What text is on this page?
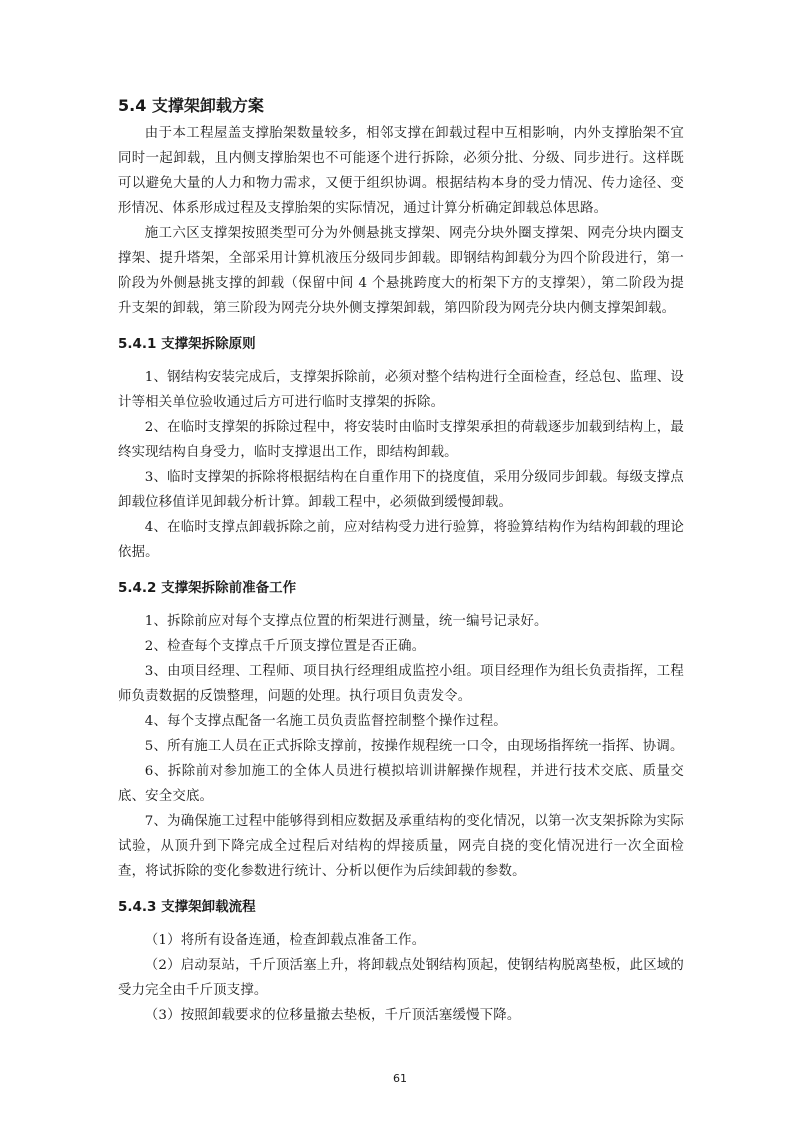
5.4 支撑架卸载方案

由于本工程屋盖支撑胎架数量较多，相邻支撑在卸载过程中互相影响，内外支撑胎架不宜同时一起卸载，且内侧支撑胎架也不可能逐个进行拆除，必须分批、分级、同步进行。这样既可以避免大量的人力和物力需求，又便于组织协调。根据结构本身的受力情况、传力途径、变形情况、体系形成过程及支撑胎架的实际情况，通过计算分析确定卸载总体思路。

施工六区支撑架按照类型可分为外侧悬挑支撑架、网壳分块外圈支撑架、网壳分块内圈支撑架、提升塔架，全部采用计算机液压分级同步卸载。即钢结构卸载分为四个阶段进行，第一阶段为外侧悬挑支撑的卸载（保留中间 4 个悬挑跨度大的桁架下方的支撑架），第二阶段为提升支架的卸载，第三阶段为网壳分块外侧支撑架卸载，第四阶段为网壳分块内侧支撑架卸载。

5.4.1 支撑架拆除原则

1、钢结构安装完成后，支撑架拆除前，必须对整个结构进行全面检查，经总包、监理、设计等相关单位验收通过后方可进行临时支撑架的拆除。

2、在临时支撑架的拆除过程中，将安装时由临时支撑架承担的荷载逐步加载到结构上，最终实现结构自身受力，临时支撑退出工作，即结构卸载。

3、临时支撑架的拆除将根据结构在自重作用下的挠度值，采用分级同步卸载。每级支撑点卸载位移值详见卸载分析计算。卸载工程中，必须做到缓慢卸载。

4、在临时支撑点卸载拆除之前，应对结构受力进行验算，将验算结构作为结构卸载的理论依据。

5.4.2 支撑架拆除前准备工作

1、拆除前应对每个支撑点位置的桁架进行测量，统一编号记录好。

2、检查每个支撑点千斤顶支撑位置是否正确。

3、由项目经理、工程师、项目执行经理组成监控小组。项目经理作为组长负责指挥，工程师负责数据的反馈整理，问题的处理。执行项目负责发令。

4、每个支撑点配备一名施工员负责监督控制整个操作过程。

5、所有施工人员在正式拆除支撑前，按操作规程统一口令，由现场指挥统一指挥、协调。

6、拆除前对参加施工的全体人员进行模拟培训讲解操作规程，并进行技术交底、质量交底、安全交底。

7、为确保施工过程中能够得到相应数据及承重结构的变化情况，以第一次支架拆除为实际试验，从顶升到下降完成全过程后对结构的焊接质量，网壳自挠的变化情况进行一次全面检查，将试拆除的变化参数进行统计、分析以便作为后续卸载的参数。

5.4.3 支撑架卸载流程

（1）将所有设备连通，检查卸载点准备工作。

（2）启动泵站，千斤顶活塞上升，将卸载点处钢结构顶起，使钢结构脱离垫板，此区域的受力完全由千斤顶支撑。

（3）按照卸载要求的位移量撤去垫板，千斤顶活塞缓慢下降。

61
